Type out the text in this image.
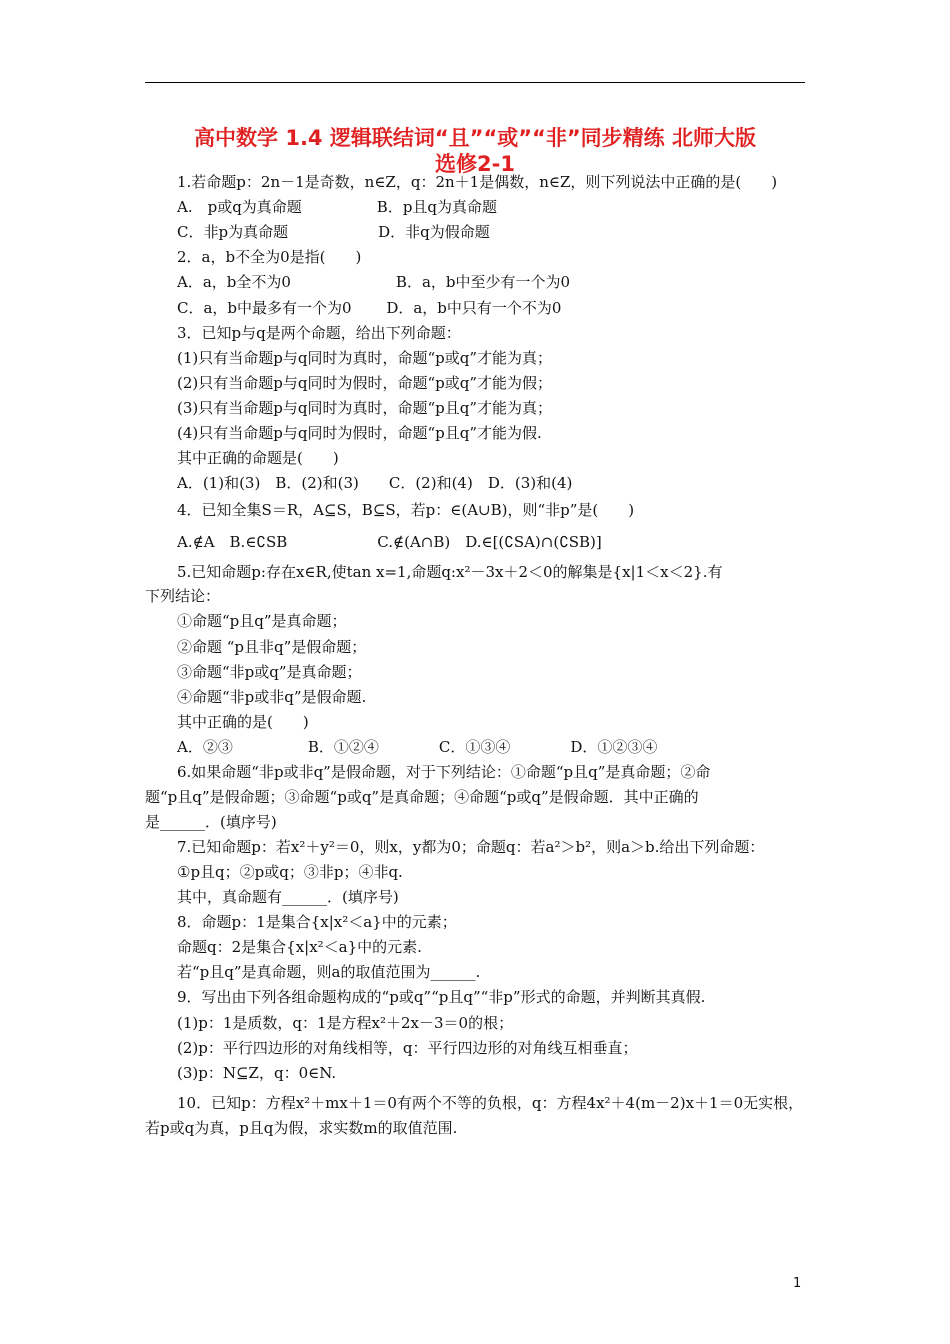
高中数学 1.4 逻辑联结词“且”“或”“非”同步精练 北师大版
选修2-1
1.若命题p：2n－1是奇数，n∈Z，q：2n＋1是偶数，n∈Z，则下列说法中正确的是(　　)
A.　p或q为真命题　　　　　B．p且q为真命题
C．非p为真命题　　　　　　D．非q为假命题
2．a，b不全为0是指(　　)
A．a，b全不为0　　　　　　　B．a，b中至少有一个为0
C．a，b中最多有一个为0　　 D．a，b中只有一个不为0
3．已知p与q是两个命题，给出下列命题：
(1)只有当命题p与q同时为真时，命题“p或q”才能为真；
(2)只有当命题p与q同时为假时，命题“p或q”才能为假；
(3)只有当命题p与q同时为真时，命题“p且q”才能为真；
(4)只有当命题p与q同时为假时，命题“p且q”才能为假.
其中正确的命题是(　　)
A．(1)和(3)　B．(2)和(3)　　C．(2)和(4)　D．(3)和(4)
4．已知全集S＝R，A⊆S，B⊆S，若p：∈(A∪B)，则“非p”是(　　)
A.∉A　B.∈∁SB　　　　　　C.∉(A∩B)　D.∈[(∁SA)∩(∁SB)]
5.已知命题p:存在x∈R,使tan x=1,命题q:x²－3x＋2＜0的解集是{x|1＜x＜2}.有
下列结论：
①命题“p且q”是真命题；
②命题 “p且非q”是假命题；
③命题“非p或q”是真命题；
④命题“非p或非q”是假命题.
其中正确的是(　　)
A．②③　　　　　B．①②④　　　　C．①③④　　　　D．①②③④
6.如果命题“非p或非q”是假命题，对于下列结论：①命题“p且q”是真命题；②命
题“p且q”是假命题；③命题“p或q”是真命题；④命题“p或q”是假命题．其中正确的
是______．(填序号)
7.已知命题p：若x²＋y²＝0，则x，y都为0；命题q：若a²＞b²，则a＞b.给出下列命题：
①p且q；②p或q；③非p；④非q.
其中，真命题有______．(填序号)
8．命题p：1是集合{x|x²＜a}中的元素；
命题q：2是集合{x|x²＜a}中的元素.
若“p且q”是真命题，则a的取值范围为______.
9．写出由下列各组命题构成的“p或q”“p且q”“非p”形式的命题，并判断其真假.
(1)p：1是质数，q：1是方程x²＋2x－3＝0的根；
(2)p：平行四边形的对角线相等，q：平行四边形的对角线互相垂直；
(3)p：N⊆Z，q：0∈N.
10．已知p：方程x²＋mx＋1＝0有两个不等的负根，q：方程4x²＋4(m－2)x＋1＝0无实根，
若p或q为真，p且q为假，求实数m的取值范围.
1
